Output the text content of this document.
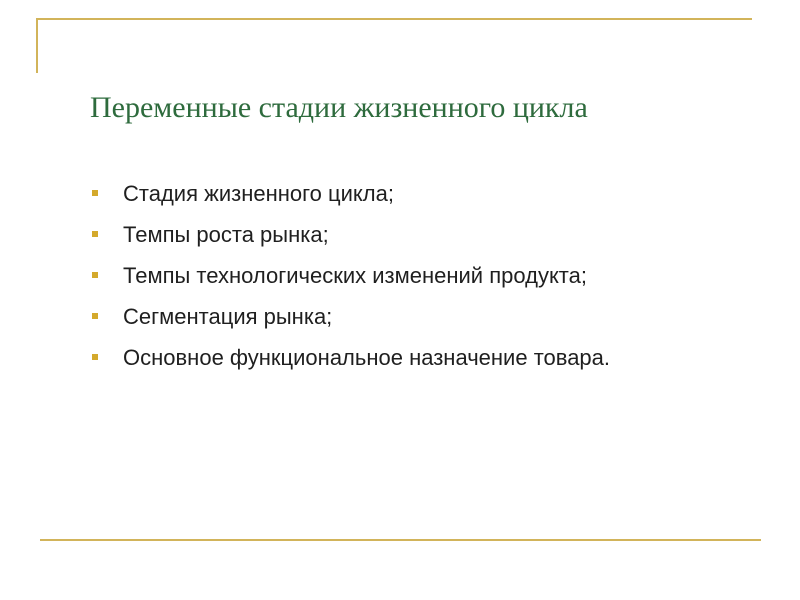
Переменные стадии жизненного цикла
Стадия жизненного цикла;
Темпы роста рынка;
Темпы технологических изменений продукта;
Сегментация рынка;
Основное функциональное назначение товара.
